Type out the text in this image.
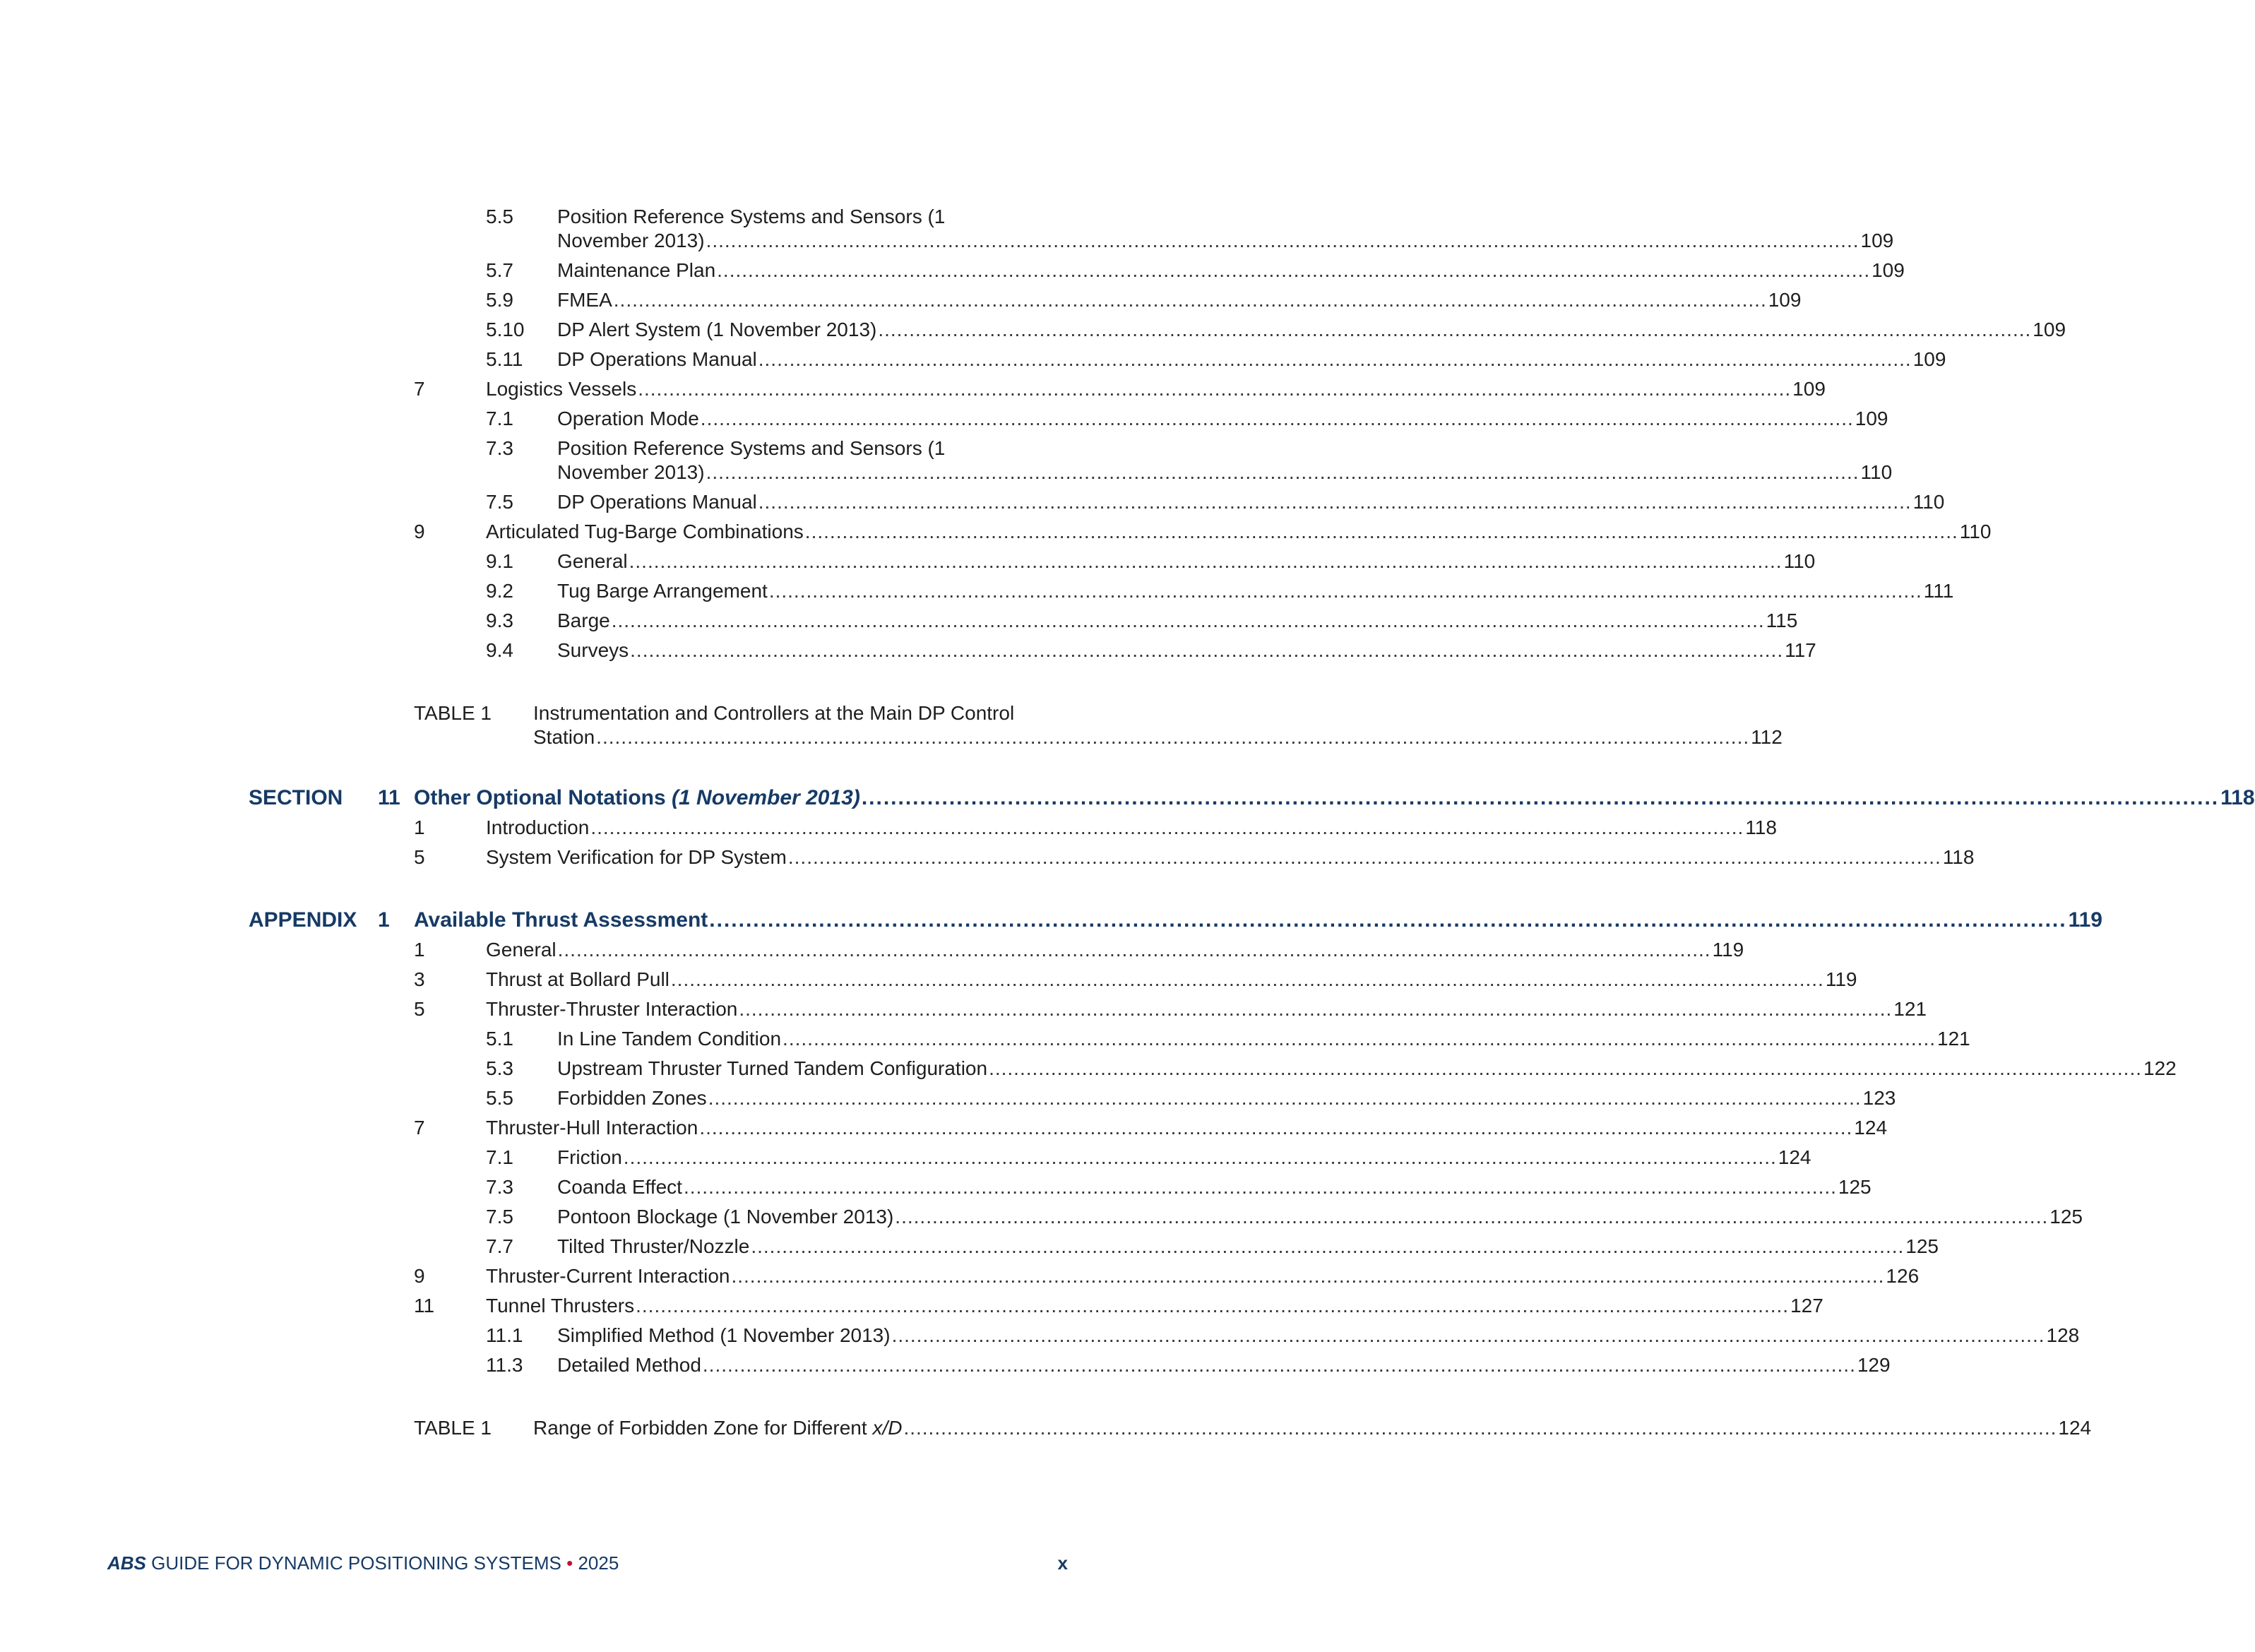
5.5 Position Reference Systems and Sensors (1
November 2013) .......................................................................................................................................................................................... 109
5.7 Maintenance Plan .......................................................................................................................................................................................... 109
5.9 FMEA .......................................................................................................................................................................................... 109
5.10 DP Alert System (1 November 2013) .......................................................................................................................................................................................... 109
5.11 DP Operations Manual .......................................................................................................................................................................................... 109
7	Logistics Vessels .......................................................................................................................................................................................... 109
7.1 Operation Mode .......................................................................................................................................................................................... 109
7.3 Position Reference Systems and Sensors (1
November 2013) .......................................................................................................................................................................................... 110
7.5 DP Operations Manual .......................................................................................................................................................................................... 110
9	Articulated Tug-Barge Combinations .......................................................................................................................................................................................... 110
9.1 General .......................................................................................................................................................................................... 110
9.2 Tug Barge Arrangement .......................................................................................................................................................................................... 111
9.3 Barge .......................................................................................................................................................................................... 115
9.4 Surveys .......................................................................................................................................................................................... 117
TABLE 1 Instrumentation and Controllers at the Main DP Control
Station .......................................................................................................................................................................................... 112
SECTION 11 Other Optional Notations (1 November 2013) .......................................................................................................................................................................................... 118
1	Introduction .......................................................................................................................................................................................... 118
5	System Verification for DP System .......................................................................................................................................................................................... 118
APPENDIX 1 Available Thrust Assessment .......................................................................................................................................................................................... 119
1	General .......................................................................................................................................................................................... 119
3	Thrust at Bollard Pull .......................................................................................................................................................................................... 119
5	Thruster-Thruster Interaction .......................................................................................................................................................................................... 121
5.1 In Line Tandem Condition .......................................................................................................................................................................................... 121
5.3 Upstream Thruster Turned Tandem Configuration .......................................................................................................................................................................................... 122
5.5 Forbidden Zones .......................................................................................................................................................................................... 123
7	Thruster-Hull Interaction .......................................................................................................................................................................................... 124
7.1 Friction .......................................................................................................................................................................................... 124
7.3 Coanda Effect .......................................................................................................................................................................................... 125
7.5 Pontoon Blockage (1 November 2013) .......................................................................................................................................................................................... 125
7.7 Tilted Thruster/Nozzle .......................................................................................................................................................................................... 125
9	Thruster-Current Interaction .......................................................................................................................................................................................... 126
11	Tunnel Thrusters .......................................................................................................................................................................................... 127
11.1 Simplified Method (1 November 2013) .......................................................................................................................................................................................... 128
11.3 Detailed Method .......................................................................................................................................................................................... 129
TABLE 1 Range of Forbidden Zone for Different x/D .......................................................................................................................................................................................... 124
ABS GUIDE FOR DYNAMIC POSITIONING SYSTEMS • 2025	x
